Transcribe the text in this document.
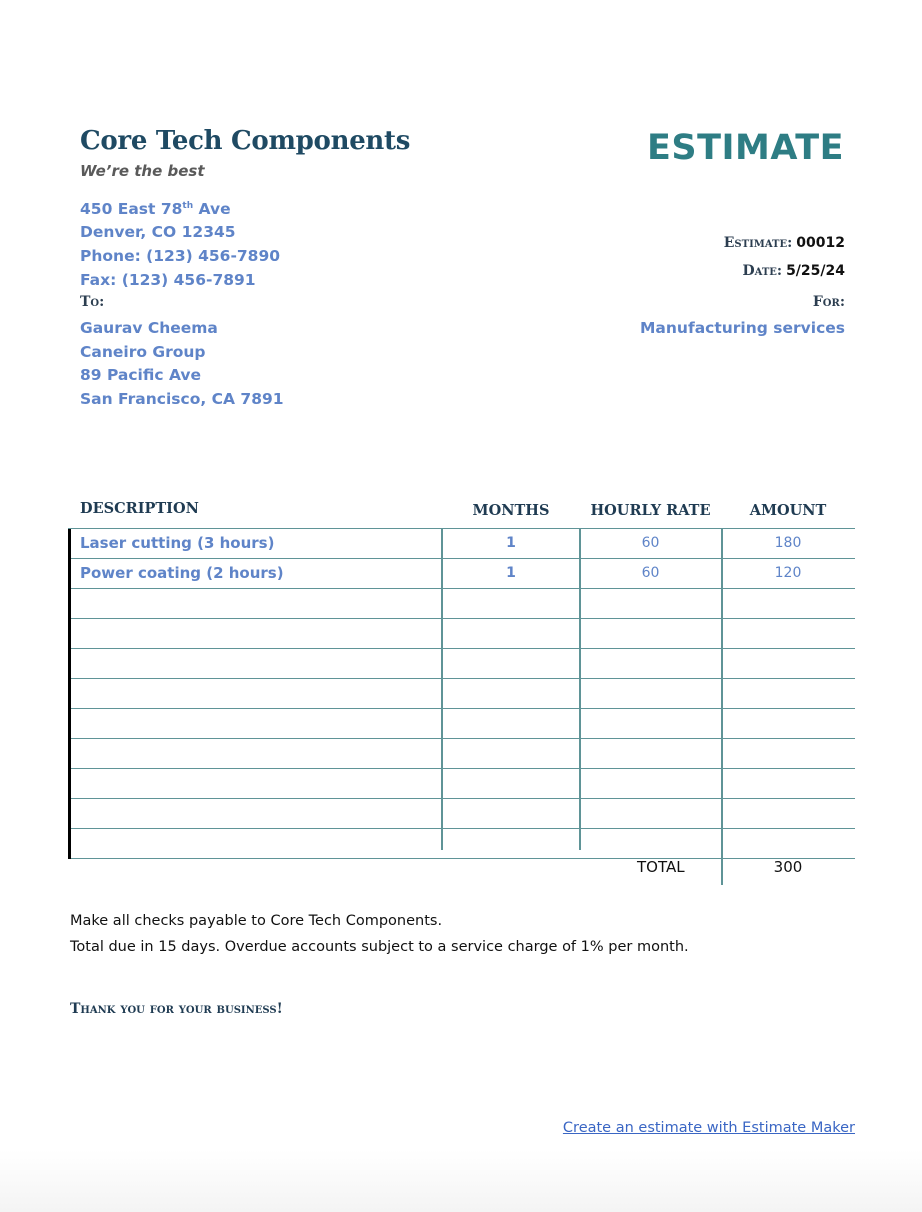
Core Tech Components
We’re the best
ESTIMATE
450 East 78th Ave
Denver, CO 12345
Phone: (123) 456-7890
Fax: (123) 456-7891
Estimate: 00012
Date: 5/25/24
To:	For:
Manufacturing services
Gaurav Cheema
Caneiro Group
89 Pacific Ave
San Francisco, CA 7891
DESCRIPTION	MONTHS	HOURLY RATE	AMOUNT
Laser cutting (3 hours)	1	60	180
Power coating (2 hours)	1	60	120
TOTAL	300
Make all checks payable to Core Tech Components.
Total due in 15 days. Overdue accounts subject to a service charge of 1% per month.
Thank you for your business!
Create an estimate with Estimate Maker
